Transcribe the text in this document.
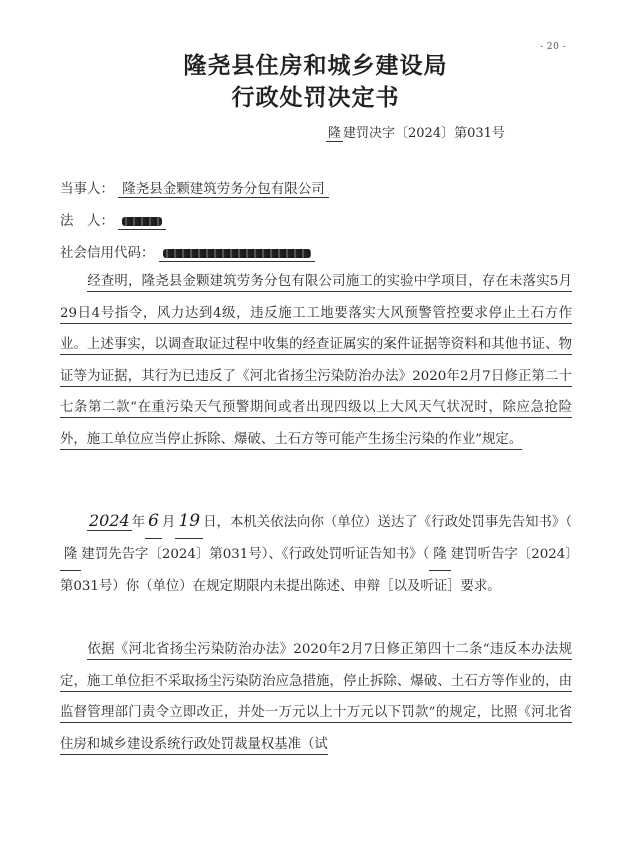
- 20 -
隆尧县住房和城乡建设局
行政处罚决定书
隆 建罚决字〔2024〕第031号
当事人： 隆尧县金颗建筑劳务分包有限公司
法　人：
社会信用代码：

经查明，隆尧县金颗建筑劳务分包有限公司施工的实验中学项目，存在未落实5月29日4号指令，风力达到4级，违反施工工地要落实大风预警管控要求停止土石方作业。上述事实，以调查取证过程中收集的经查证属实的案件证据等资料和其他书证、物证等为证据，其行为已违反了《河北省扬尘污染防治办法》2020年2月7日修正第二十七条第二款“在重污染天气预警期间或者出现四级以上大风天气状况时，除应急抢险外，施工单位应当停止拆除、爆破、土石方等可能产生扬尘污染的作业”规定。

2024 年 6 月 19 日，本机关依法向你（单位）送达了《行政处罚事先告知书》（隆 建罚先告字〔2024〕第031号）、《行政处罚听证告知书》（ 隆 建罚听告字〔2024〕第031号）你（单位）在规定期限内未提出陈述、申辩［以及听证］要求。

依据《河北省扬尘污染防治办法》2020年2月7日修正第四十二条“违反本办法规定，施工单位拒不采取扬尘污染防治应急措施，停止拆除、爆破、土石方等作业的，由监督管理部门责令立即改正，并处一万元以上十万元以下罚款”的规定，比照《河北省住房和城乡建设系统行政处罚裁量权基准（试
